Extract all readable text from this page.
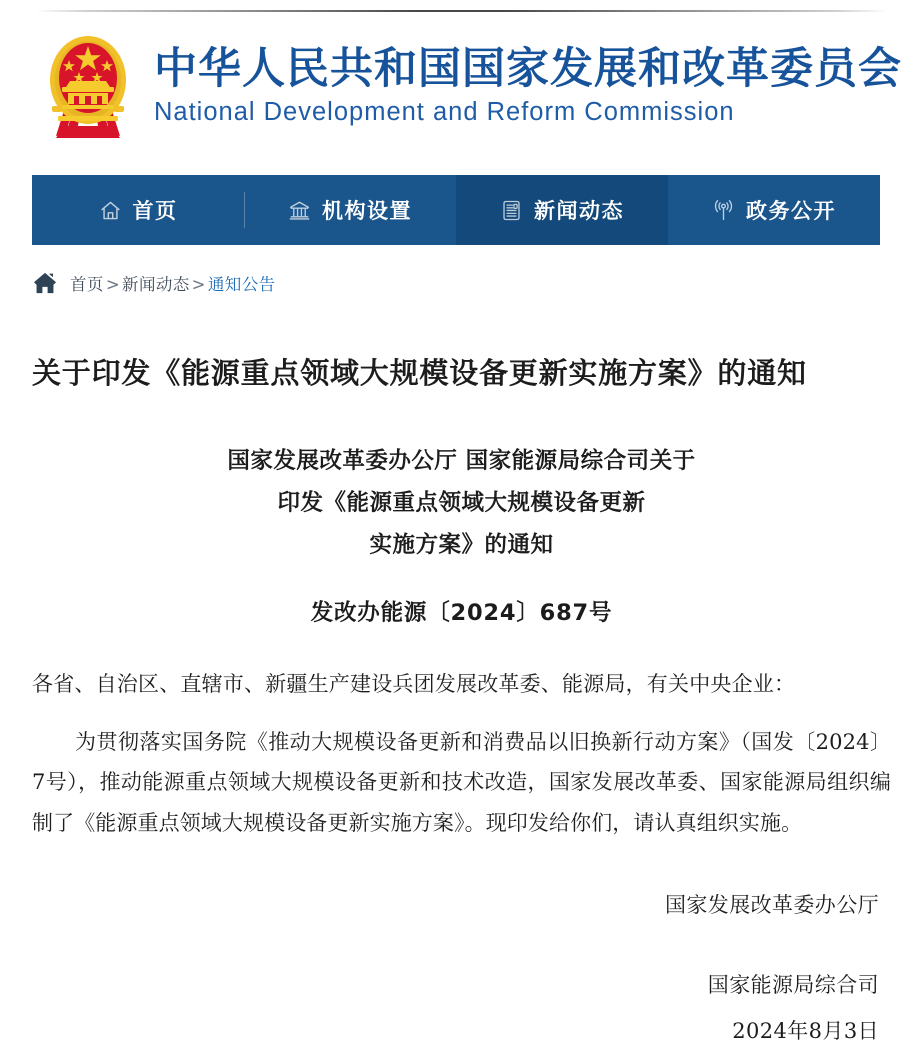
中华人民共和国国家发展和改革委员会
National Development and Reform Commission
首页	机构设置	新闻动态	政务公开
首页 > 新闻动态 > 通知公告
关于印发《能源重点领域大规模设备更新实施方案》的通知
国家发展改革委办公厅 国家能源局综合司关于
印发《能源重点领域大规模设备更新
实施方案》的通知
发改办能源〔2024〕687号

各省、自治区、直辖市、新疆生产建设兵团发展改革委、能源局，有关中央企业：

为贯彻落实国务院《推动大规模设备更新和消费品以旧换新行动方案》（国发〔2024〕7号），推动能源重点领域大规模设备更新和技术改造，国家发展改革委、国家能源局组织编制了《能源重点领域大规模设备更新实施方案》。现印发给你们，请认真组织实施。

国家发展改革委办公厅
国家能源局综合司
2024年8月3日
